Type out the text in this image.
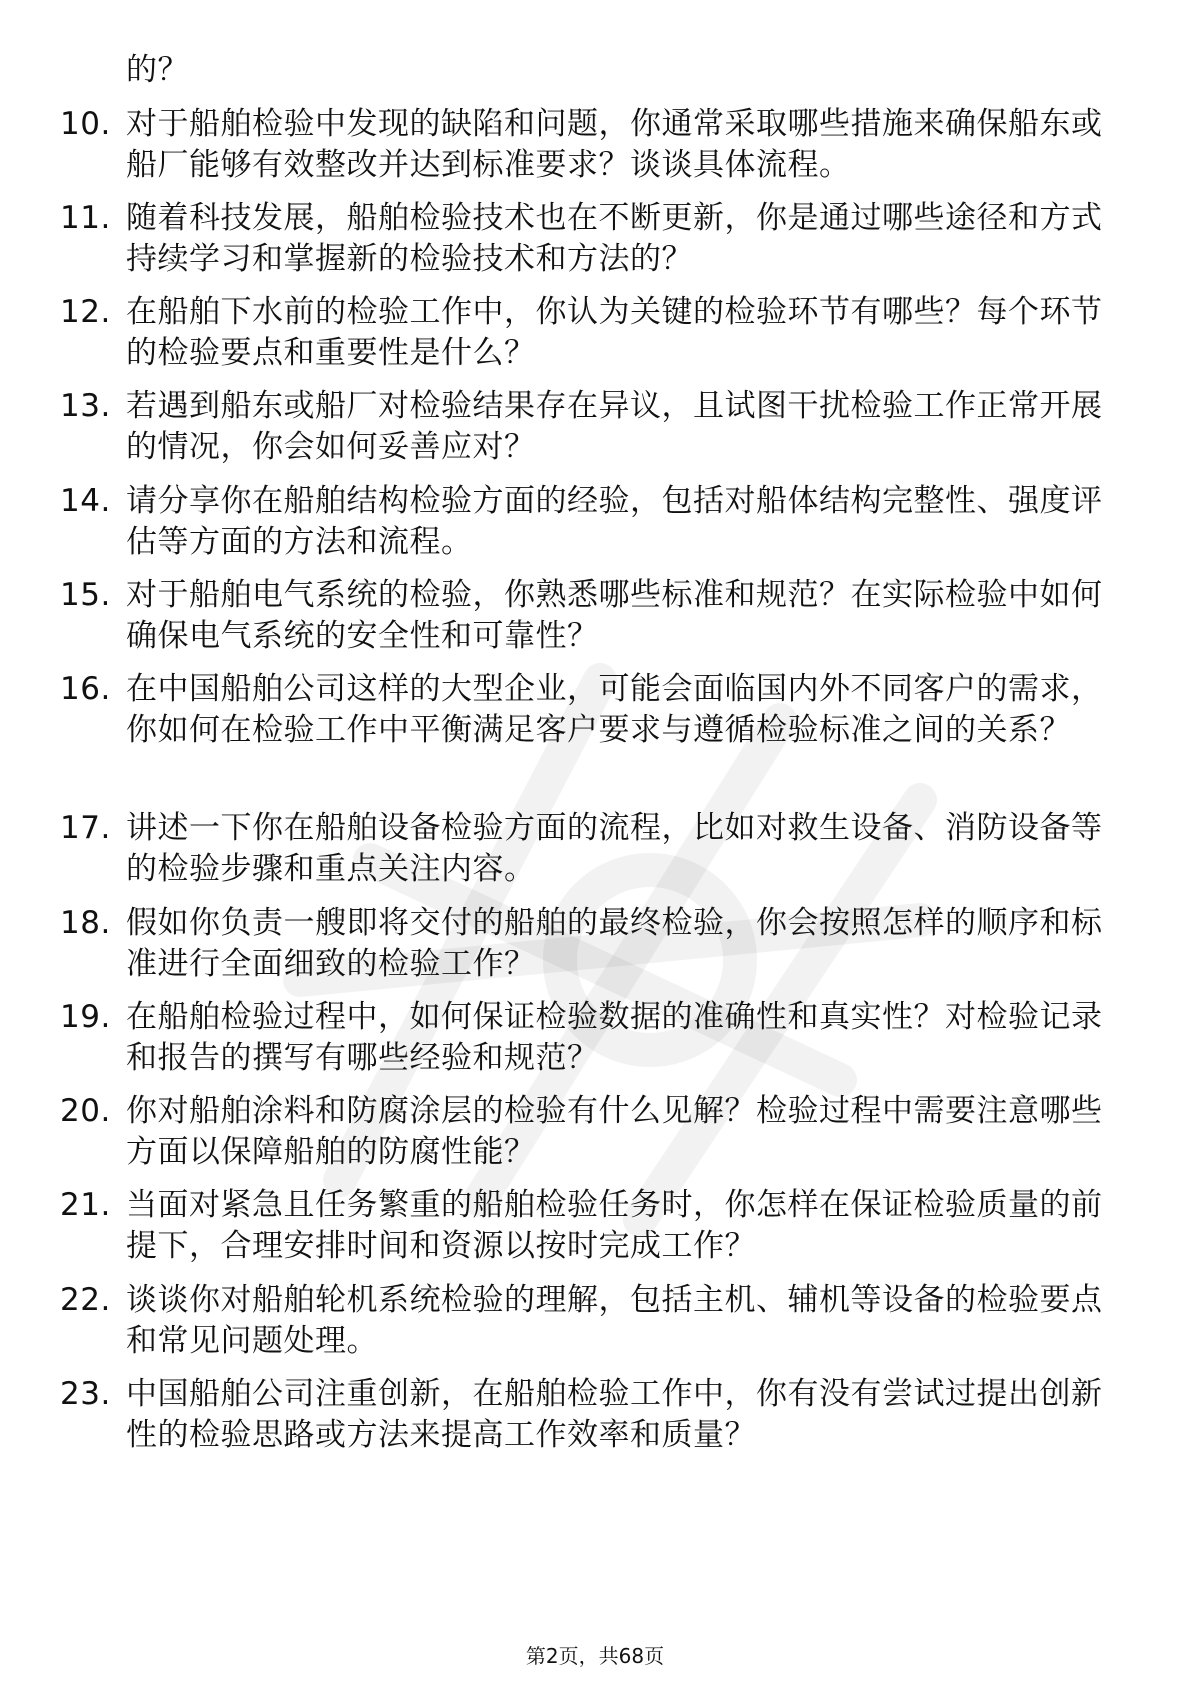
的？
10. 对于船舶检验中发现的缺陷和问题，你通常采取哪些措施来确保船东或船厂能够有效整改并达到标准要求？谈谈具体流程。
11. 随着科技发展，船舶检验技术也在不断更新，你是通过哪些途径和方式持续学习和掌握新的检验技术和方法的？
12. 在船舶下水前的检验工作中，你认为关键的检验环节有哪些？每个环节的检验要点和重要性是什么？
13. 若遇到船东或船厂对检验结果存在异议，且试图干扰检验工作正常开展的情况，你会如何妥善应对？
14. 请分享你在船舶结构检验方面的经验，包括对船体结构完整性、强度评估等方面的方法和流程。
15. 对于船舶电气系统的检验，你熟悉哪些标准和规范？在实际检验中如何确保电气系统的安全性和可靠性？
16. 在中国船舶公司这样的大型企业，可能会面临国内外不同客户的需求，你如何在检验工作中平衡满足客户要求与遵循检验标准之间的关系？
17. 讲述一下你在船舶设备检验方面的流程，比如对救生设备、消防设备等的检验步骤和重点关注内容。
18. 假如你负责一艘即将交付的船舶的最终检验，你会按照怎样的顺序和标准进行全面细致的检验工作？
19. 在船舶检验过程中，如何保证检验数据的准确性和真实性？对检验记录和报告的撰写有哪些经验和规范？
20. 你对船舶涂料和防腐涂层的检验有什么见解？检验过程中需要注意哪些方面以保障船舶的防腐性能？
21. 当面对紧急且任务繁重的船舶检验任务时，你怎样在保证检验质量的前提下，合理安排时间和资源以按时完成工作？
22. 谈谈你对船舶轮机系统检验的理解，包括主机、辅机等设备的检验要点和常见问题处理。
23. 中国船舶公司注重创新，在船舶检验工作中，你有没有尝试过提出创新性的检验思路或方法来提高工作效率和质量？
第2页，共68页
